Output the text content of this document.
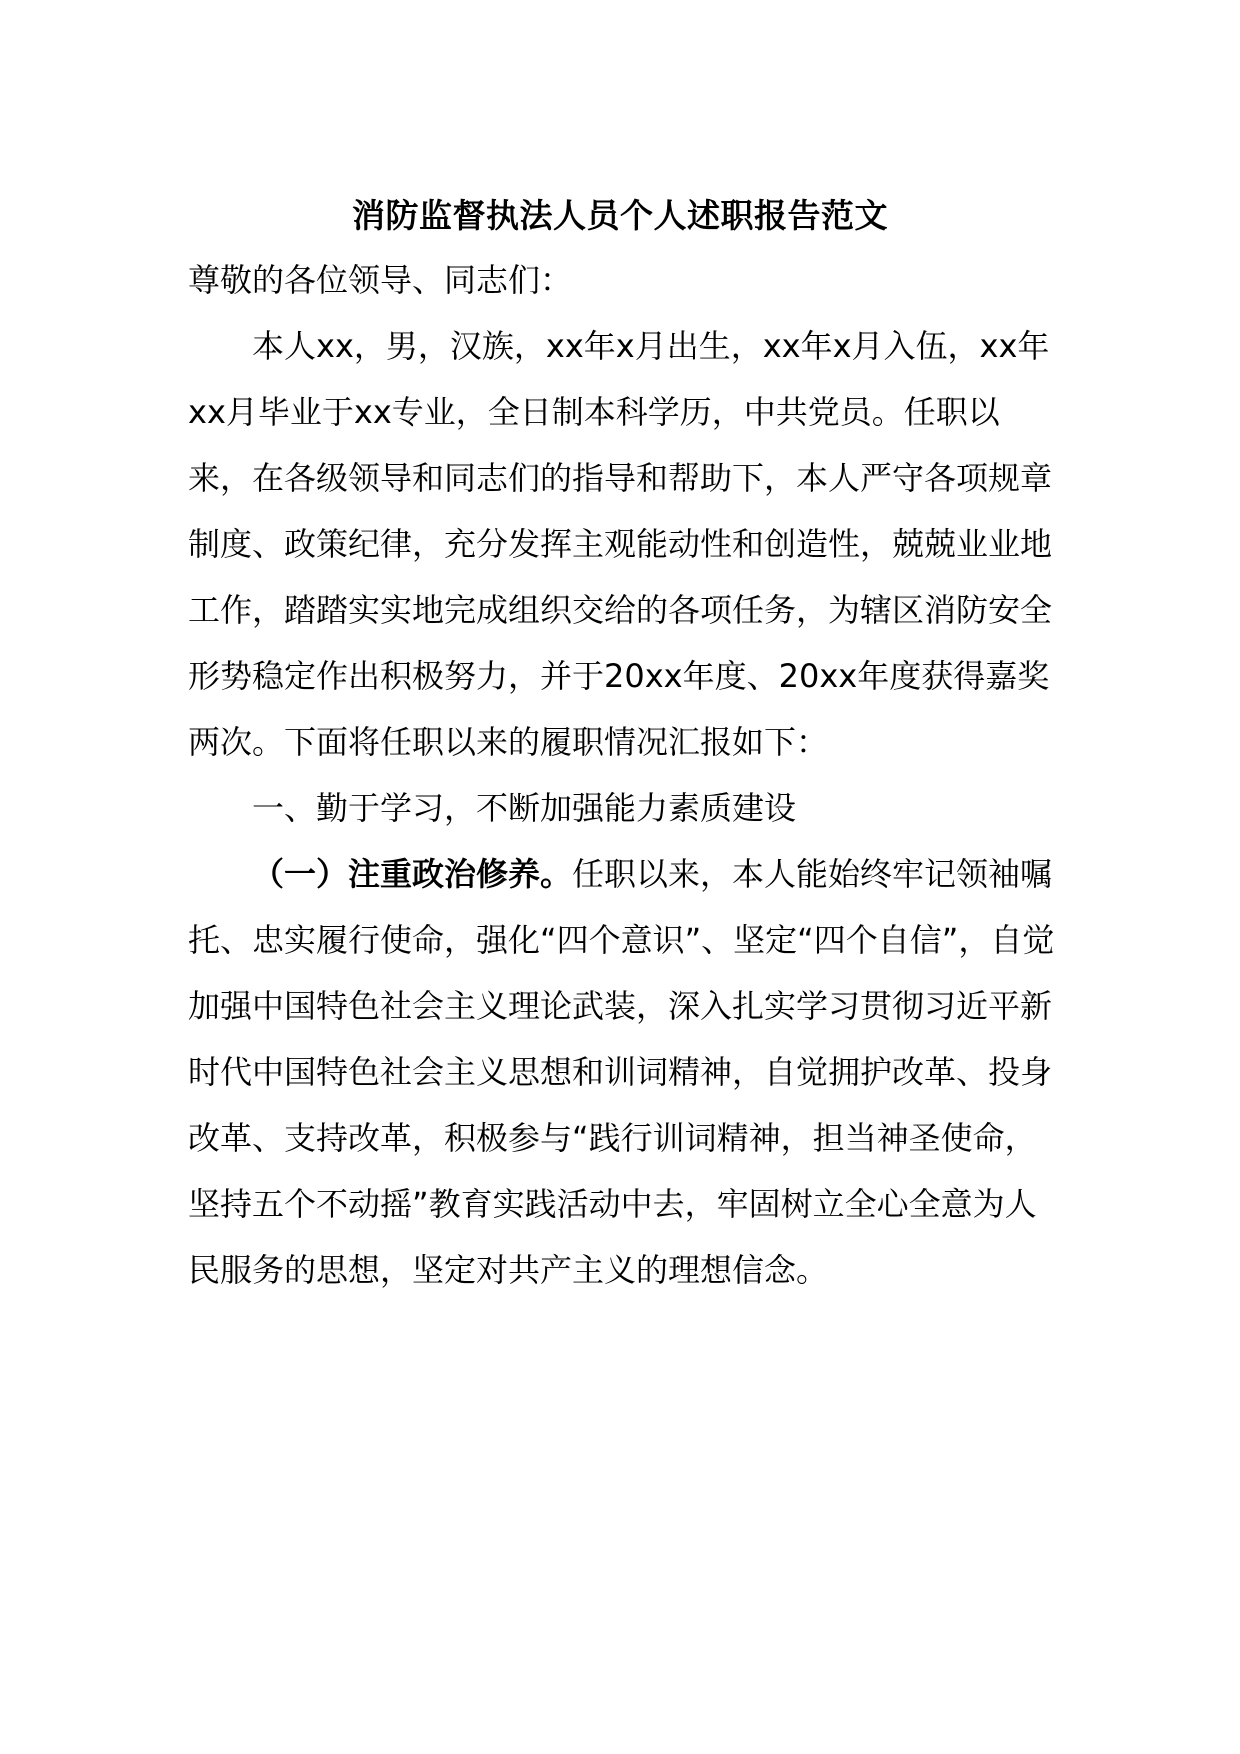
消防监督执法人员个人述职报告范文

尊敬的各位领导、同志们：

本人xx，男，汉族，xx年x月出生，xx年x月入伍，xx年xx月毕业于xx专业，全日制本科学历，中共党员。任职以来，在各级领导和同志们的指导和帮助下，本人严守各项规章制度、政策纪律，充分发挥主观能动性和创造性，兢兢业业地工作，踏踏实实地完成组织交给的各项任务，为辖区消防安全形势稳定作出积极努力，并于20xx年度、20xx年度获得嘉奖两次。下面将任职以来的履职情况汇报如下：

一、勤于学习，不断加强能力素质建设

（一）注重政治修养。任职以来，本人能始终牢记领袖嘱托、忠实履行使命，强化“四个意识”、坚定“四个自信”，自觉加强中国特色社会主义理论武装，深入扎实学习贯彻习近平新时代中国特色社会主义思想和训词精神，自觉拥护改革、投身改革、支持改革，积极参与“践行训词精神，担当神圣使命，坚持五个不动摇”教育实践活动中去，牢固树立全心全意为人民服务的思想，坚定对共产主义的理想信念。
